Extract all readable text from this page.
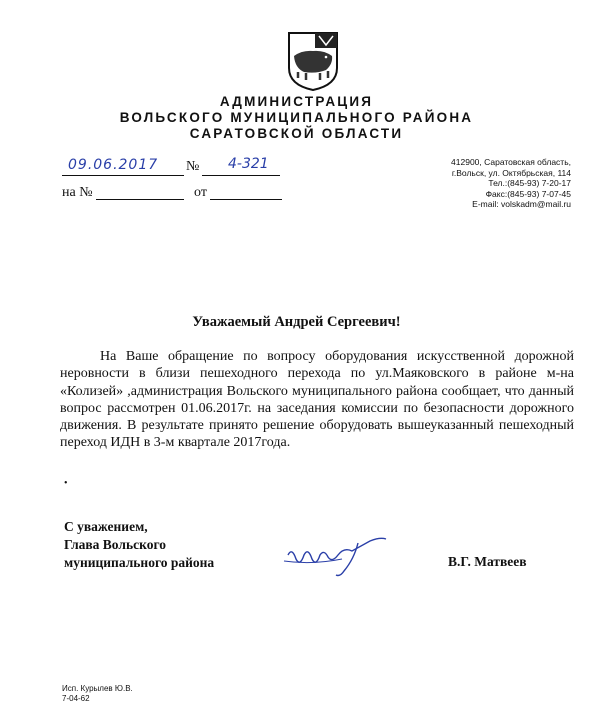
АДМИНИСТРАЦИЯ
ВОЛЬСКОГО МУНИЦИПАЛЬНОГО РАЙОНА
САРАТОВСКОЙ ОБЛАСТИ
09.06.2017 № 4-321
на №	от
412900, Саратовская область,
г.Вольск, ул. Октябрьская, 114
Тел.:(845-93) 7-20-17
Факс:(845-93) 7-07-45
E-mail: volskadm@mail.ru
Уважаемый Андрей Сергеевич!

На Ваше обращение по вопросу оборудования искусственной дорожной неровности в близи пешеходного перехода по ул.Маяковского в районе м-на «Колизей» ,администрация Вольского муниципального района сообщает, что данный вопрос рассмотрен 01.06.2017г. на заседания комиссии по безопасности дорожного движения. В результате принято решение оборудовать вышеуказанный пешеходный переход ИДН в 3-м квартале 2017года.

•
С уважением,
Глава Вольского
муниципального района	В.Г. Матвеев
Исп. Курылев Ю.В.
7-04-62
